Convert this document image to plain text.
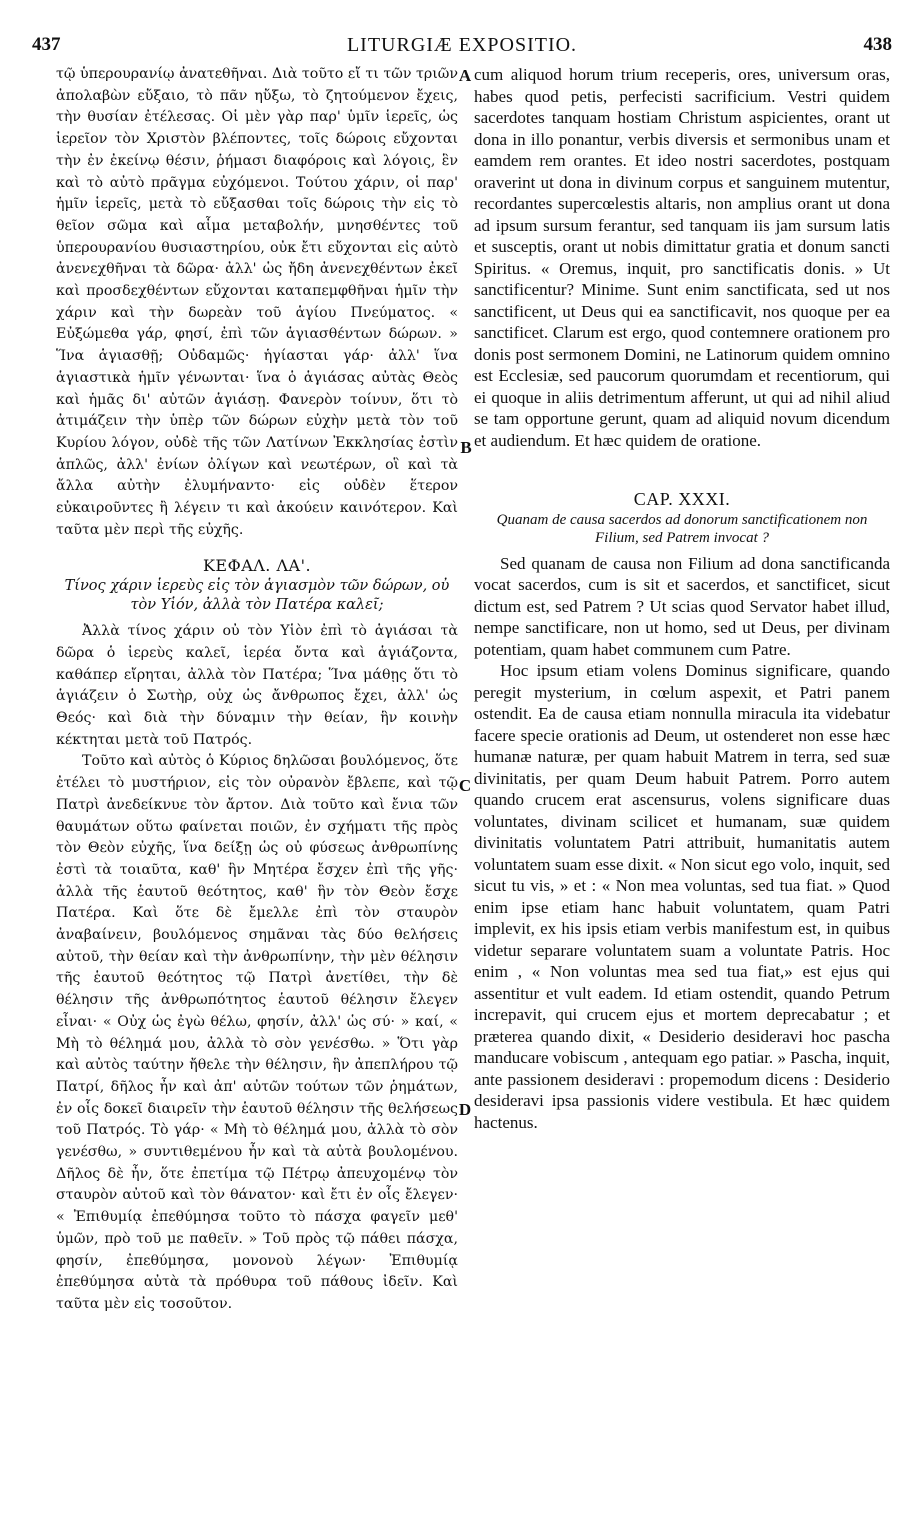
437	LITURGIÆ EXPOSITIO.	438

τῷ ὑπερουρανίῳ ἀνατεθῆναι. Διὰ τοῦτο εἴ τι τῶν τριῶν ἀπολαβὼν εὔξαιο, τὸ πᾶν ηὔξω, τὸ ζητούμενον ἔχεις, τὴν θυσίαν ἐτέλεσας. Οἱ μὲν γὰρ παρ' ὑμῖν ἱερεῖς, ὡς ἱερεῖον τὸν Χριστὸν βλέποντες, τοῖς δώροις εὔχονται τὴν ἐν ἐκείνῳ θέσιν, ῥήμασι διαφόροις καὶ λόγοις, ἓν καὶ τὸ αὐτὸ πρᾶγμα εὐχόμενοι. Τούτου χάριν, οἱ παρ' ἡμῖν ἱερεῖς, μετὰ τὸ εὔξασθαι τοῖς δώροις τὴν εἰς τὸ θεῖον σῶμα καὶ αἷμα μεταβολήν, μνησθέντες τοῦ ὑπερουρανίου θυσιαστηρίου, οὐκ ἔτι εὔχονται εἰς αὐτὸ ἀνενεχθῆναι τὰ δῶρα· ἀλλ' ὡς ἤδη ἀνενεχθέντων ἐκεῖ καὶ προσδεχθέντων εὔχονται καταπεμφθῆναι ἡμῖν τὴν χάριν καὶ τὴν δωρεὰν τοῦ ἁγίου Πνεύματος. « Εὐξώμεθα γάρ, φησί, ἐπὶ τῶν ἁγιασθέντων δώρων. » Ἵνα ἁγιασθῇ; Οὐδαμῶς· ἡγίασται γάρ· ἀλλ' ἵνα ἁγιαστικὰ ἡμῖν γένωνται· ἵνα ὁ ἁγιάσας αὐτὰς Θεὸς καὶ ἡμᾶς δι' αὐτῶν ἁγιάσῃ. Φανερὸν τοίνυν, ὅτι τὸ ἀτιμάζειν τὴν ὑπὲρ τῶν δώρων εὐχὴν μετὰ τὸν τοῦ Κυρίου λόγον, οὐδὲ τῆς τῶν Λατίνων Ἐκκλησίας ἐστὶν ἁπλῶς, ἀλλ' ἐνίων ὀλίγων καὶ νεωτέρων, οἳ καὶ τὰ ἄλλα αὐτὴν ἐλυμήναντο· εἰς οὐδὲν ἕτερον εὐκαιροῦντες ἢ λέγειν τι καὶ ἀκούειν καινότερον. Καὶ ταῦτα μὲν περὶ τῆς εὐχῆς.

ΚΕΦΑΛ. ΛΑ'.
Τίνος χάριν ἱερεὺς εἰς τὸν ἁγιασμὸν τῶν δώρων, οὐ τὸν Υἱόν, ἀλλὰ τὸν Πατέρα καλεῖ;

Ἀλλὰ τίνος χάριν οὐ τὸν Υἱὸν ἐπὶ τὸ ἁγιάσαι τὰ δῶρα ὁ ἱερεὺς καλεῖ, ἱερέα ὄντα καὶ ἁγιάζοντα, καθάπερ εἴρηται, ἀλλὰ τὸν Πατέρα; Ἵνα μάθῃς ὅτι τὸ ἁγιάζειν ὁ Σωτὴρ, οὐχ ὡς ἄνθρωπος ἔχει, ἀλλ' ὡς Θεός· καὶ διὰ τὴν δύναμιν τὴν θείαν, ἣν κοινὴν κέκτηται μετὰ τοῦ Πατρός.

Τοῦτο καὶ αὐτὸς ὁ Κύριος δηλῶσαι βουλόμενος, ὅτε ἐτέλει τὸ μυστήριον, εἰς τὸν οὐρανὸν ἔβλεπε, καὶ τῷ Πατρὶ ἀνεδείκνυε τὸν ἄρτον. Διὰ τοῦτο καὶ ἔνια τῶν θαυμάτων οὕτω φαίνεται ποιῶν, ἐν σχήματι τῆς πρὸς τὸν Θεὸν εὐχῆς, ἵνα δείξῃ ὡς οὐ φύσεως ἀνθρωπίνης ἐστὶ τὰ τοιαῦτα, καθ' ἣν Μητέρα ἔσχεν ἐπὶ τῆς γῆς· ἀλλὰ τῆς ἑαυτοῦ θεότητος, καθ' ἣν τὸν Θεὸν ἔσχε Πατέρα. Καὶ ὅτε δὲ ἔμελλε ἐπὶ τὸν σταυρὸν ἀναβαίνειν, βουλόμενος σημᾶναι τὰς δύο θελήσεις αὐτοῦ, τὴν θείαν καὶ τὴν ἀνθρωπίνην, τὴν μὲν θέλησιν τῆς ἑαυτοῦ θεότητος τῷ Πατρὶ ἀνετίθει, τὴν δὲ θέλησιν τῆς ἀνθρωπότητος ἑαυτοῦ θέλησιν ἔλεγεν εἶναι· « Οὐχ ὡς ἐγὼ θέλω, φησίν, ἀλλ' ὡς σύ· » καί, « Μὴ τὸ θέλημά μου, ἀλλὰ τὸ σὸν γενέσθω. » Ὅτι γὰρ καὶ αὐτὸς ταύτην ἤθελε τὴν θέλησιν, ἣν ἀπεπλήρου τῷ Πατρί, δῆλος ἦν καὶ ἀπ' αὐτῶν τούτων τῶν ῥημάτων, ἐν οἷς δοκεῖ διαιρεῖν τὴν ἑαυτοῦ θέλησιν τῆς θελήσεως τοῦ Πατρός. Τὸ γάρ· « Μὴ τὸ θέλημά μου, ἀλλὰ τὸ σὸν γενέσθω, » συντιθεμένου ἦν καὶ τὰ αὐτὰ βουλομένου. Δῆλος δὲ ἦν, ὅτε ἐπετίμα τῷ Πέτρῳ ἀπευχομένῳ τὸν σταυρὸν αὐτοῦ καὶ τὸν θάνατον· καὶ ἔτι ἐν οἷς ἔλεγεν· « Ἐπιθυμίᾳ ἐπεθύμησα τοῦτο τὸ πάσχα φαγεῖν μεθ' ὑμῶν, πρὸ τοῦ με παθεῖν. » Τοῦ πρὸς τῷ πάθει πάσχα, φησίν, ἐπεθύμησα, μονονοὺ λέγων· Ἐπιθυμίᾳ ἐπεθύμησα αὐτὰ τὰ πρόθυρα τοῦ πάθους ἰδεῖν. Καὶ ταῦτα μὲν εἰς τοσοῦτον.

A
B
C
D

cum aliquod horum trium receperis, ores, universum oras, habes quod petis, perfecisti sacrificium. Vestri quidem sacerdotes tanquam hostiam Christum aspicientes, orant ut dona in illo ponantur, verbis diversis et sermonibus unam et eamdem rem orantes. Et ideo nostri sacerdotes, postquam oraverint ut dona in divinum corpus et sanguinem mutentur, recordantes supercœlestis altaris, non amplius orant ut dona ad ipsum sursum ferantur, sed tanquam iis jam sursum latis et susceptis, orant ut nobis dimittatur gratia et donum sancti Spiritus. « Oremus, inquit, pro sanctificatis donis. » Ut sanctificentur? Minime. Sunt enim sanctificata, sed ut nos sanctificent, ut Deus qui ea sanctificavit, nos quoque per ea sanctificet. Clarum est ergo, quod contemnere orationem pro donis post sermonem Domini, ne Latinorum quidem omnino est Ecclesiæ, sed paucorum quorumdam et recentiorum, qui ei quoque in aliis detrimentum afferunt, ut qui ad nihil aliud se tam opportune gerunt, quam ad aliquid novum dicendum et audiendum. Et hæc quidem de oratione.

CAP. XXXI.
Quanam de causa sacerdos ad donorum sanctificationem non Filium, sed Patrem invocat ?

Sed quanam de causa non Filium ad dona sanctificanda vocat sacerdos, cum is sit et sacerdos, et sanctificet, sicut dictum est, sed Patrem ? Ut scias quod Servator habet illud, nempe sanctificare, non ut homo, sed ut Deus, per divinam potentiam, quam habet communem cum Patre.

Hoc ipsum etiam volens Dominus significare, quando peregit mysterium, in cœlum aspexit, et Patri panem ostendit. Ea de causa etiam nonnulla miracula ita videbatur facere specie orationis ad Deum, ut ostenderet non esse hæc humanæ naturæ, per quam habuit Matrem in terra, sed suæ divinitatis, per quam Deum habuit Patrem. Porro autem quando crucem erat ascensurus, volens significare duas voluntates, divinam scilicet et humanam, suæ quidem divinitatis voluntatem Patri attribuit, humanitatis autem voluntatem suam esse dixit. « Non sicut ego volo, inquit, sed sicut tu vis, » et : « Non mea voluntas, sed tua fiat. » Quod enim ipse etiam hanc habuit voluntatem, quam Patri implevit, ex his ipsis etiam verbis manifestum est, in quibus videtur separare voluntatem suam a voluntate Patris. Hoc enim , « Non voluntas mea sed tua fiat,» est ejus qui assentitur et vult eadem. Id etiam ostendit, quando Petrum increpavit, qui crucem ejus et mortem deprecabatur ; et præterea quando dixit, « Desiderio desideravi hoc pascha manducare vobiscum , antequam ego patiar. » Pascha, inquit, ante passionem desideravi : propemodum dicens : Desiderio desideravi ipsa passionis videre vestibula. Et hæc quidem hactenus.
